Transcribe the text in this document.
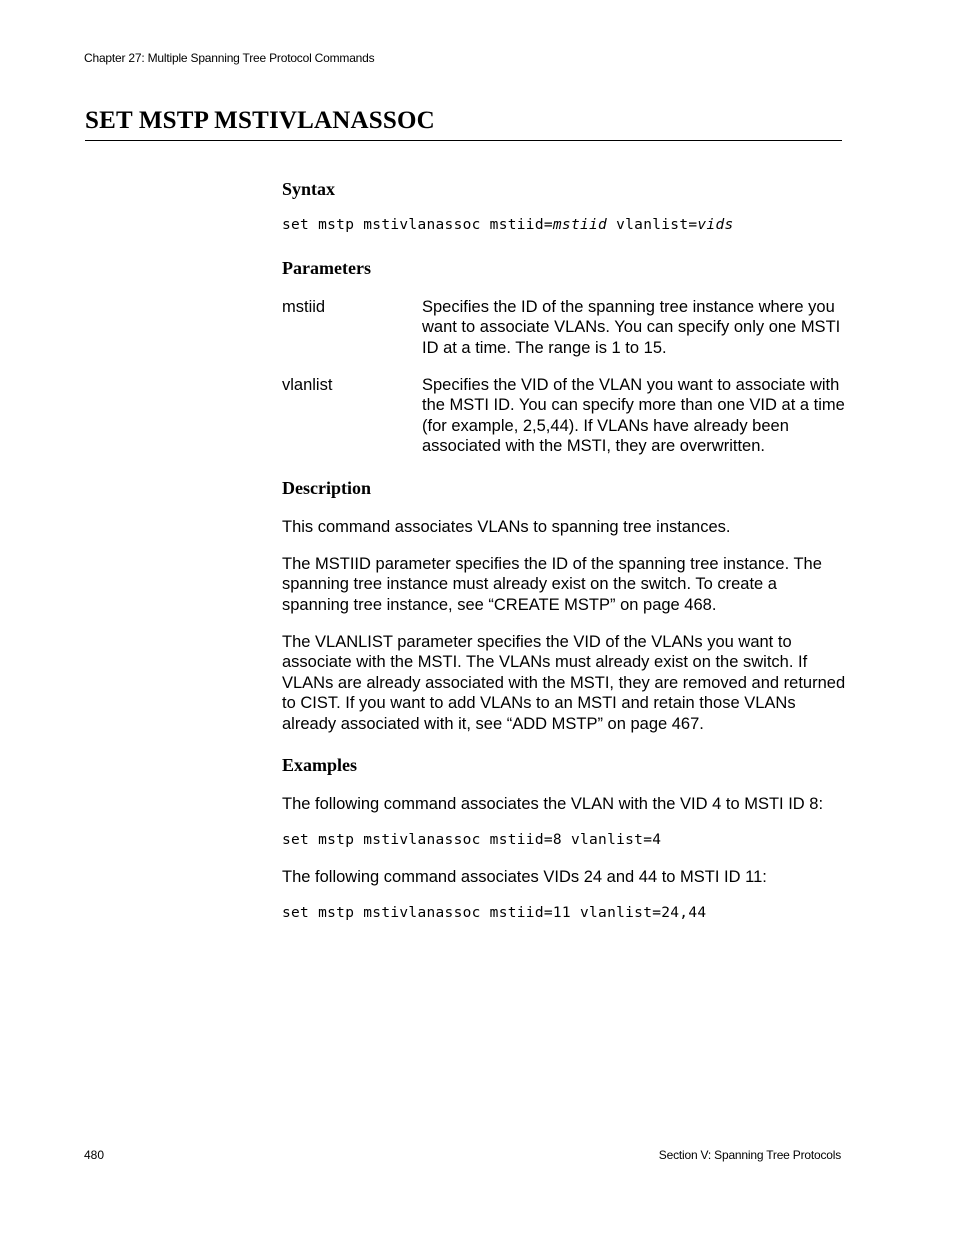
Chapter 27: Multiple Spanning Tree Protocol Commands
SET MSTP MSTIVLANASSOC
Syntax
set mstp mstivlanassoc mstiid=mstiid vlanlist=vids
Parameters
mstiid	Specifies the ID of the spanning tree instance where you want to associate VLANs. You can specify only one MSTI ID at a time. The range is 1 to 15.

vlanlist	Specifies the VID of the VLAN you want to associate with the MSTI ID. You can specify more than one VID at a time (for example, 2,5,44). If VLANs have already been associated with the MSTI, they are overwritten.

Description

This command associates VLANs to spanning tree instances.

The MSTIID parameter specifies the ID of the spanning tree instance. The spanning tree instance must already exist on the switch. To create a spanning tree instance, see “CREATE MSTP” on page 468.

The VLANLIST parameter specifies the VID of the VLANs you want to associate with the MSTI. The VLANs must already exist on the switch. If VLANs are already associated with the MSTI, they are removed and returned to CIST. If you want to add VLANs to an MSTI and retain those VLANs already associated with it, see “ADD MSTP” on page 467.

Examples

The following command associates the VLAN with the VID 4 to MSTI ID 8:

set mstp mstivlanassoc mstiid=8 vlanlist=4

The following command associates VIDs 24 and 44 to MSTI ID 11:

set mstp mstivlanassoc mstiid=11 vlanlist=24,44
480	Section V: Spanning Tree Protocols
